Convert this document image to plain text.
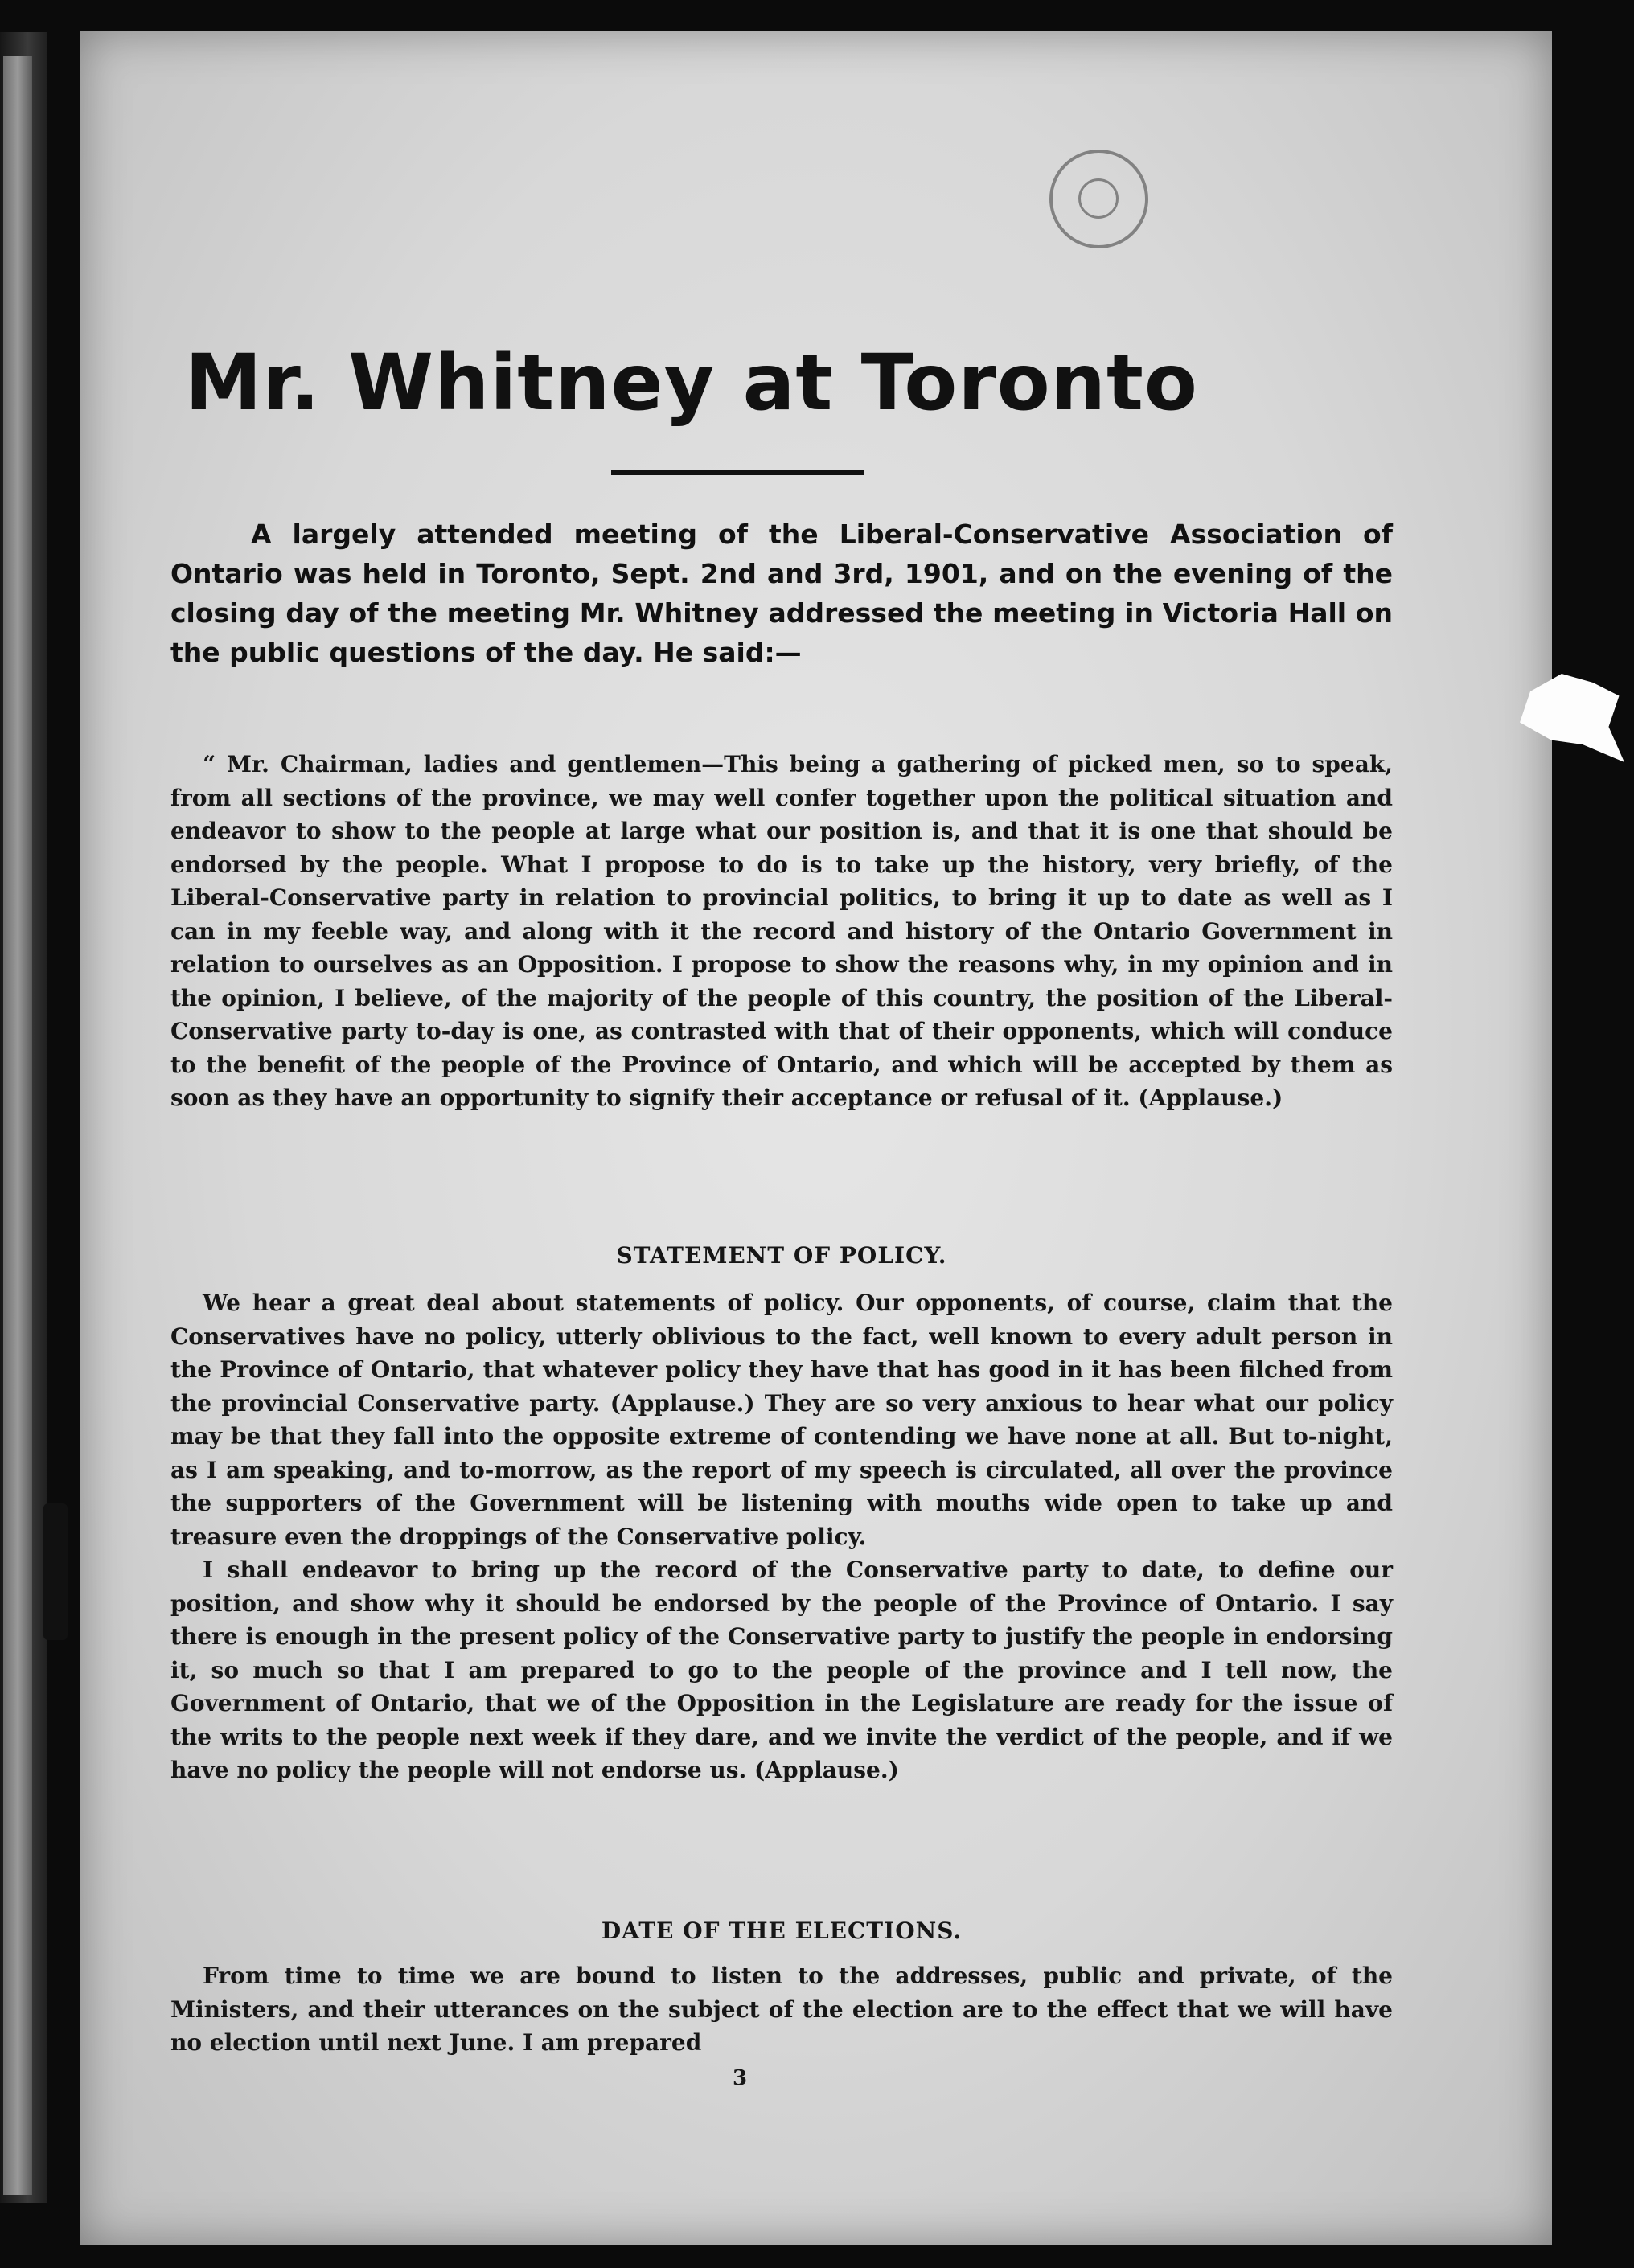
Mr. Whitney at Toronto
A largely attended meeting of the Liberal-Conservative Association of Ontario was held in Toronto, Sept. 2nd and 3rd, 1901, and on the evening of the closing day of the meeting Mr. Whitney addressed the meeting in Victoria Hall on the public questions of the day. He said:—

“ Mr. Chairman, ladies and gentlemen—This being a gathering of picked men, so to speak, from all sections of the province, we may well confer together upon the political situation and endeavor to show to the people at large what our position is, and that it is one that should be endorsed by the people. What I propose to do is to take up the history, very briefly, of the Liberal-Conservative party in relation to provincial politics, to bring it up to date as well as I can in my feeble way, and along with it the record and history of the Ontario Government in relation to ourselves as an Opposition. I propose to show the reasons why, in my opinion and in the opinion, I believe, of the majority of the people of this country, the position of the Liberal-Conservative party to-day is one, as contrasted with that of their opponents, which will conduce to the benefit of the people of the Province of Ontario, and which will be accepted by them as soon as they have an opportunity to signify their acceptance or refusal of it. (Applause.)

STATEMENT OF POLICY.

We hear a great deal about statements of policy. Our opponents, of course, claim that the Conservatives have no policy, utterly oblivious to the fact, well known to every adult person in the Province of Ontario, that whatever policy they have that has good in it has been filched from the provincial Conservative party. (Applause.) They are so very anxious to hear what our policy may be that they fall into the opposite extreme of contending we have none at all. But to-night, as I am speaking, and to-morrow, as the report of my speech is circulated, all over the province the supporters of the Government will be listening with mouths wide open to take up and treasure even the droppings of the Conservative policy.

I shall endeavor to bring up the record of the Conservative party to date, to define our position, and show why it should be endorsed by the people of the Province of Ontario. I say there is enough in the present policy of the Conservative party to justify the people in endorsing it, so much so that I am prepared to go to the people of the province and I tell now, the Government of Ontario, that we of the Opposition in the Legislature are ready for the issue of the writs to the people next week if they dare, and we invite the verdict of the people, and if we have no policy the people will not endorse us. (Applause.)

DATE OF THE ELECTIONS.

From time to time we are bound to listen to the addresses, public and private, of the Ministers, and their utterances on the subject of the election are to the effect that we will have no election until next June. I am prepared

3
